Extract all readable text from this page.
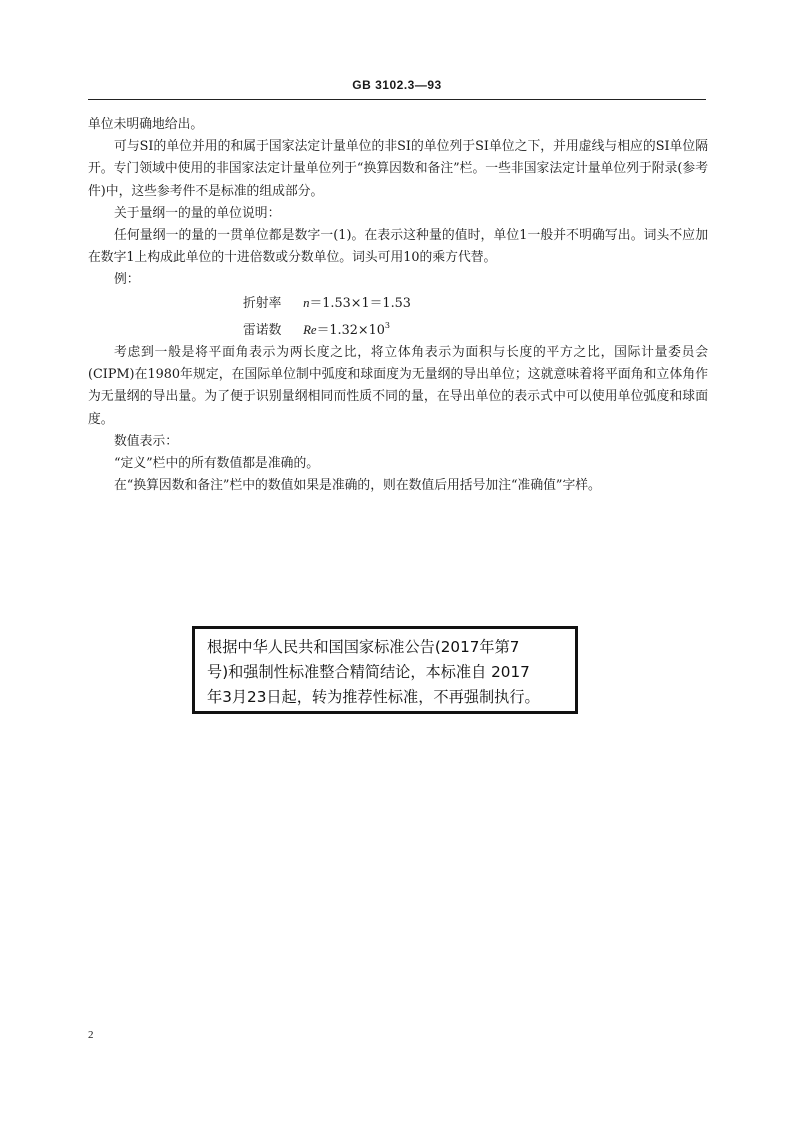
GB 3102.3—93

单位未明确地给出。

可与SI的单位并用的和属于国家法定计量单位的非SI的单位列于SI单位之下，并用虚线与相应的SI单位隔开。专门领域中使用的非国家法定计量单位列于“换算因数和备注”栏。一些非国家法定计量单位列于附录(参考件)中，这些参考件不是标准的组成部分。

关于量纲一的量的单位说明：

任何量纲一的量的一贯单位都是数字一(1)。在表示这种量的值时，单位1一般并不明确写出。词头不应加在数字1上构成此单位的十进倍数或分数单位。词头可用10的乘方代替。

例：

折射率 n＝1.53×1＝1.53
雷诺数 $Re=1.32\times 10^3$

考虑到一般是将平面角表示为两长度之比，将立体角表示为面积与长度的平方之比，国际计量委员会(CIPM)在1980年规定，在国际单位制中弧度和球面度为无量纲的导出单位；这就意味着将平面角和立体角作为无量纲的导出量。为了便于识别量纲相同而性质不同的量，在导出单位的表示式中可以使用单位弧度和球面度。

数值表示：

“定义”栏中的所有数值都是准确的。

在“换算因数和备注”栏中的数值如果是准确的，则在数值后用括号加注“准确值”字样。

根据中华人民共和国国家标准公告(2017年第7

号)和强制性标准整合精简结论，本标准自 2017

年3月23日起，转为推荐性标准，不再强制执行。

2
